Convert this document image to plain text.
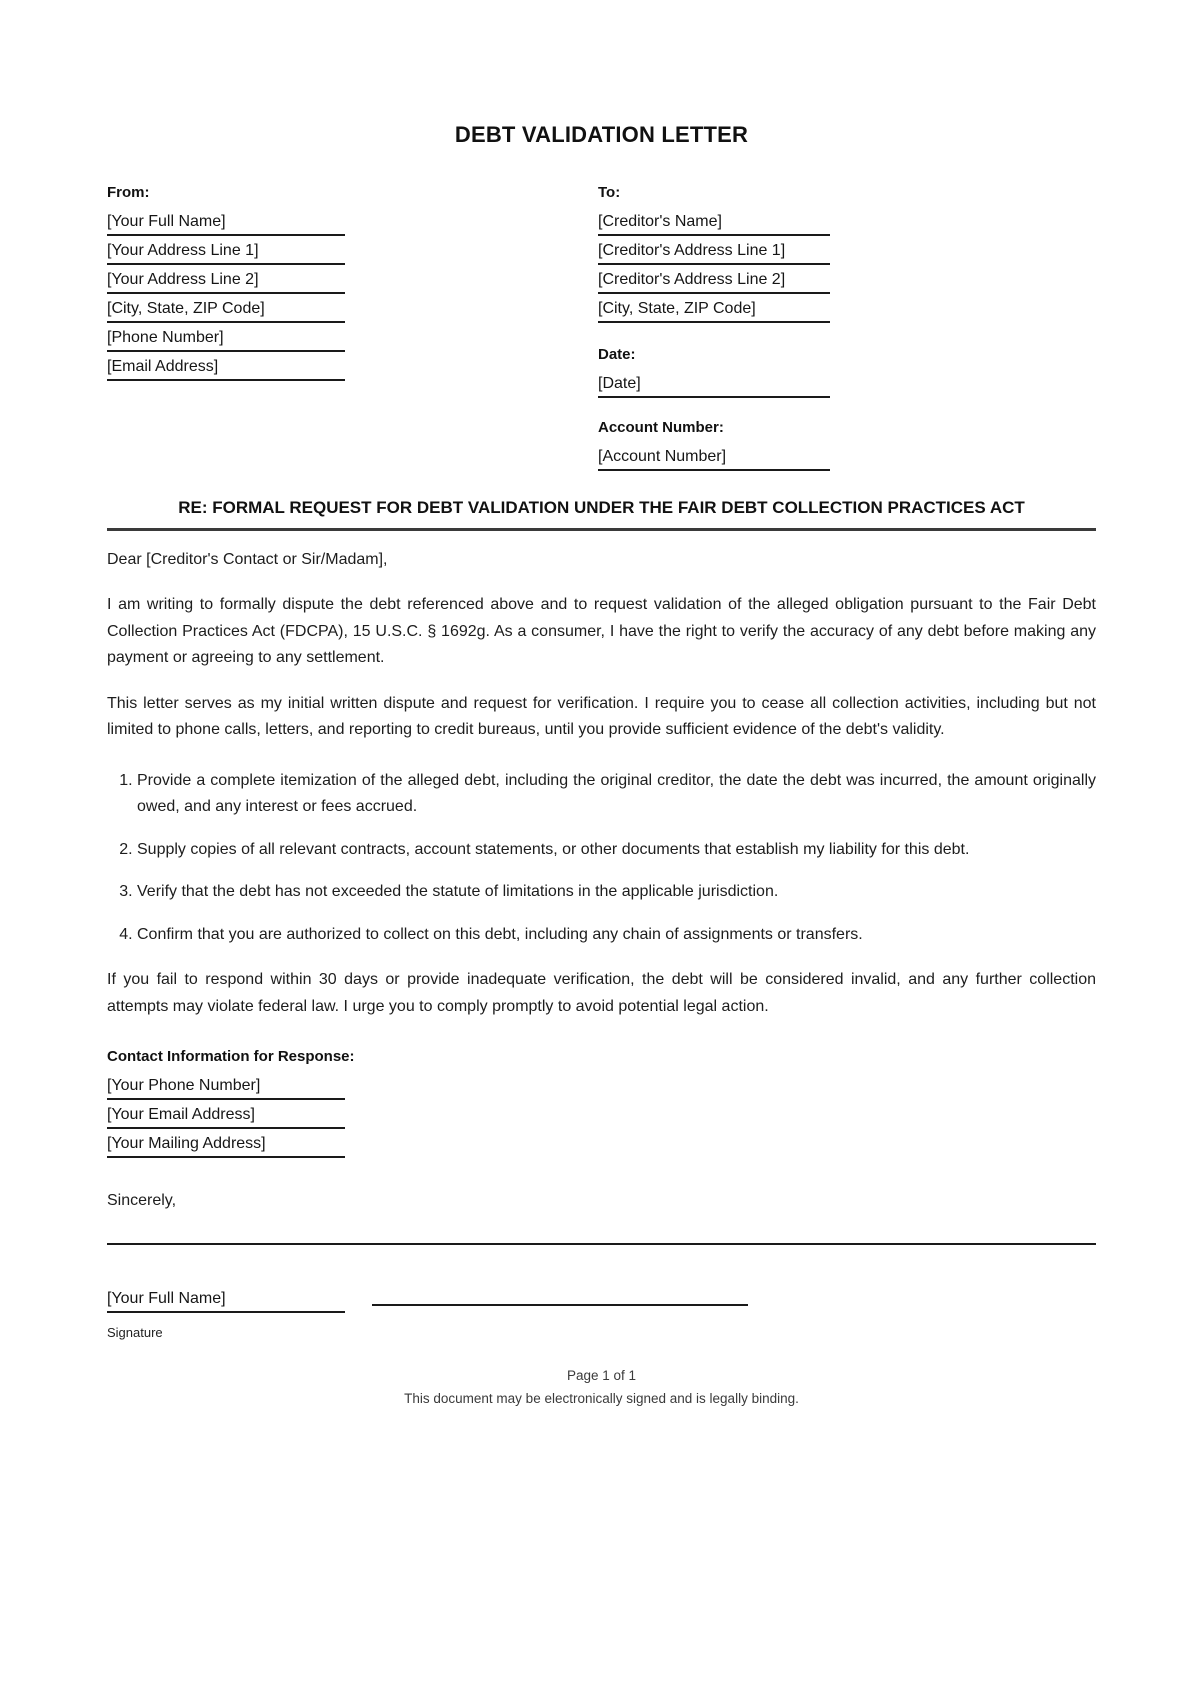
DEBT VALIDATION LETTER
From:
[Your Full Name]
[Your Address Line 1]
[Your Address Line 2]
[City, State, ZIP Code]
[Phone Number]
[Email Address]
To:
[Creditor's Name]
[Creditor's Address Line 1]
[Creditor's Address Line 2]
[City, State, ZIP Code]
Date:
[Date]
Account Number:
[Account Number]
RE: FORMAL REQUEST FOR DEBT VALIDATION UNDER THE FAIR DEBT COLLECTION PRACTICES ACT

Dear [Creditor's Contact or Sir/Madam],

I am writing to formally dispute the debt referenced above and to request validation of the alleged obligation pursuant to the Fair Debt Collection Practices Act (FDCPA), 15 U.S.C. § 1692g. As a consumer, I have the right to verify the accuracy of any debt before making any payment or agreeing to any settlement.

This letter serves as my initial written dispute and request for verification. I require you to cease all collection activities, including but not limited to phone calls, letters, and reporting to credit bureaus, until you provide sufficient evidence of the debt's validity.

1. Provide a complete itemization of the alleged debt, including the original creditor, the date the debt was incurred, the amount originally owed, and any interest or fees accrued.
2. Supply copies of all relevant contracts, account statements, or other documents that establish my liability for this debt.
3. Verify that the debt has not exceeded the statute of limitations in the applicable jurisdiction.
4. Confirm that you are authorized to collect on this debt, including any chain of assignments or transfers.

If you fail to respond within 30 days or provide inadequate verification, the debt will be considered invalid, and any further collection attempts may violate federal law. I urge you to comply promptly to avoid potential legal action.

Contact Information for Response:
[Your Phone Number]
[Your Email Address]
[Your Mailing Address]

Sincerely,

[Your Full Name]
Signature
Page 1 of 1
This document may be electronically signed and is legally binding.
